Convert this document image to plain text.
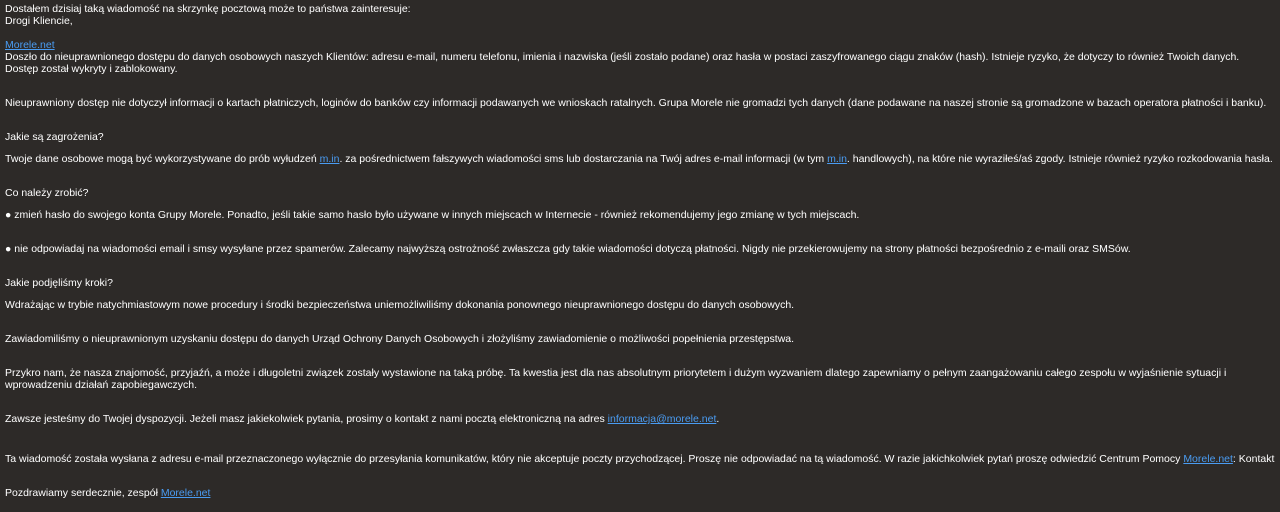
Dostałem dzisiaj taką wiadomość na skrzynkę pocztową może to państwa zainteresuje:
Drogi Kliencie,
Morele.net
Doszło do nieuprawnionego dostępu do danych osobowych naszych Klientów: adresu e-mail, numeru telefonu, imienia i nazwiska (jeśli zostało podane) oraz hasła w postaci zaszyfrowanego ciągu znaków (hash). Istnieje ryzyko, że dotyczy to również Twoich danych. Dostęp został wykryty i zablokowany.
Nieuprawniony dostęp nie dotyczył informacji o kartach płatniczych, loginów do banków czy informacji podawanych we wnioskach ratalnych. Grupa Morele nie gromadzi tych danych (dane podawane na naszej stronie są gromadzone w bazach operatora płatności i banku).
Jakie są zagrożenia?
Twoje dane osobowe mogą być wykorzystywane do prób wyłudzeń m.in. za pośrednictwem fałszywych wiadomości sms lub dostarczania na Twój adres e-mail informacji (w tym m.in. handlowych), na które nie wyraziłeś/aś zgody. Istnieje również ryzyko rozkodowania hasła.
Co należy zrobić?
● zmień hasło do swojego konta Grupy Morele. Ponadto, jeśli takie samo hasło było używane w innych miejscach w Internecie - również rekomendujemy jego zmianę w tych miejscach.
● nie odpowiadaj na wiadomości email i smsy wysyłane przez spamerów. Zalecamy najwyższą ostrożność zwłaszcza gdy takie wiadomości dotyczą płatności. Nigdy nie przekierowujemy na strony płatności bezpośrednio z e-maili oraz SMSów.
Jakie podjęliśmy kroki?
Wdrażając w trybie natychmiastowym nowe procedury i środki bezpieczeństwa uniemożliwiliśmy dokonania ponownego nieuprawnionego dostępu do danych osobowych.
Zawiadomiliśmy o nieuprawnionym uzyskaniu dostępu do danych Urząd Ochrony Danych Osobowych i złożyliśmy zawiadomienie o możliwości popełnienia przestępstwa.
Przykro nam, że nasza znajomość, przyjaźń, a może i długoletni związek zostały wystawione na taką próbę. Ta kwestia jest dla nas absolutnym priorytetem i dużym wyzwaniem dlatego zapewniamy o pełnym zaangażowaniu całego zespołu w wyjaśnienie sytuacji i wprowadzeniu działań zapobiegawczych.
Zawsze jesteśmy do Twojej dyspozycji. Jeżeli masz jakiekolwiek pytania, prosimy o kontakt z nami pocztą elektroniczną na adres informacja@morele.net.
Ta wiadomość została wysłana z adresu e-mail przeznaczonego wyłącznie do przesyłania komunikatów, który nie akceptuje poczty przychodzącej. Proszę nie odpowiadać na tą wiadomość. W razie jakichkolwiek pytań proszę odwiedzić Centrum Pomocy Morele.net: Kontakt
Pozdrawiamy serdecznie, zespół Morele.net
